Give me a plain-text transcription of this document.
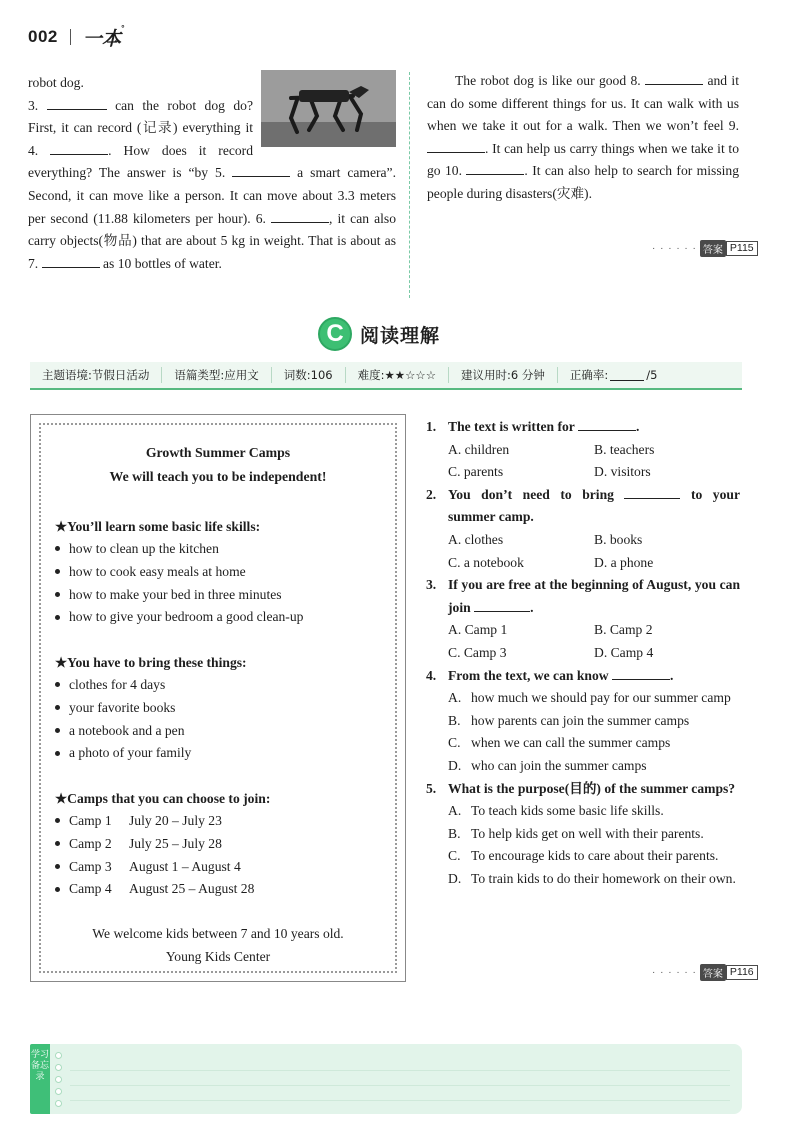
002 一本°

robot dog.

3.	can the robot dog do? First, it can record (记录) everything it 4.	. How does it record everything? The answer is “by 5.	a smart camera”. Second, it can move like a person. It can move about 3.3 meters per second (11.88 kilometers per hour). 6.	, it can also carry objects(物品) that are about 5 kg in weight. That is about as 7.	as 10 bottles of water.

The robot dog is like our good 8.	and it can do some different things for us. It can walk with us when we take it out for a walk. Then we won’t feel 9. . It can help us carry things when we take it to go 10.	. It can also help to search for missing people during disasters(灾难).
· · · · · · 答案 P115
C 阅读理解
主题语境:节假日活动	语篇类型:应用文	词数:106	难度:★★☆☆☆	建议用时:6 分钟	正确率:	/5
Growth Summer Camps
We will teach you to be independent!
★You’ll learn some basic life skills:
how to clean up the kitchen
how to cook easy meals at home
how to make your bed in three minutes
how to give your bedroom a good clean-up
★You have to bring these things:
clothes for 4 days
your favorite books
a notebook and a pen
a photo of your family
★Camps that you can choose to join:
Camp 1 July 20 – July 23
Camp 2 July 25 – July 28
Camp 3 August 1 – August 4
Camp 4 August 25 – August 28
We welcome kids between 7 and 10 years old.
Young Kids Center
1. The text is written for	.
A. children	B. teachers
C. parents	D. visitors
2. You don’t need to bring	to your summer camp.
A. clothes	B. books
C. a notebook	D. a phone
3. If you are free at the beginning of August, you can join	.
A. Camp 1	B. Camp 2
C. Camp 3	D. Camp 4
4. From the text, we can know	.
A. how much we should pay for our summer camp
B. how parents can join the summer camps
C. when we can call the summer camps
D. who can join the summer camps
5. What is the purpose(目的) of the summer camps?
A. To teach kids some basic life skills.
B. To help kids get on well with their parents.
C. To encourage kids to care about their parents.
D. To train kids to do their homework on their own.
· · · · · · 答案 P116
学习备忘录
